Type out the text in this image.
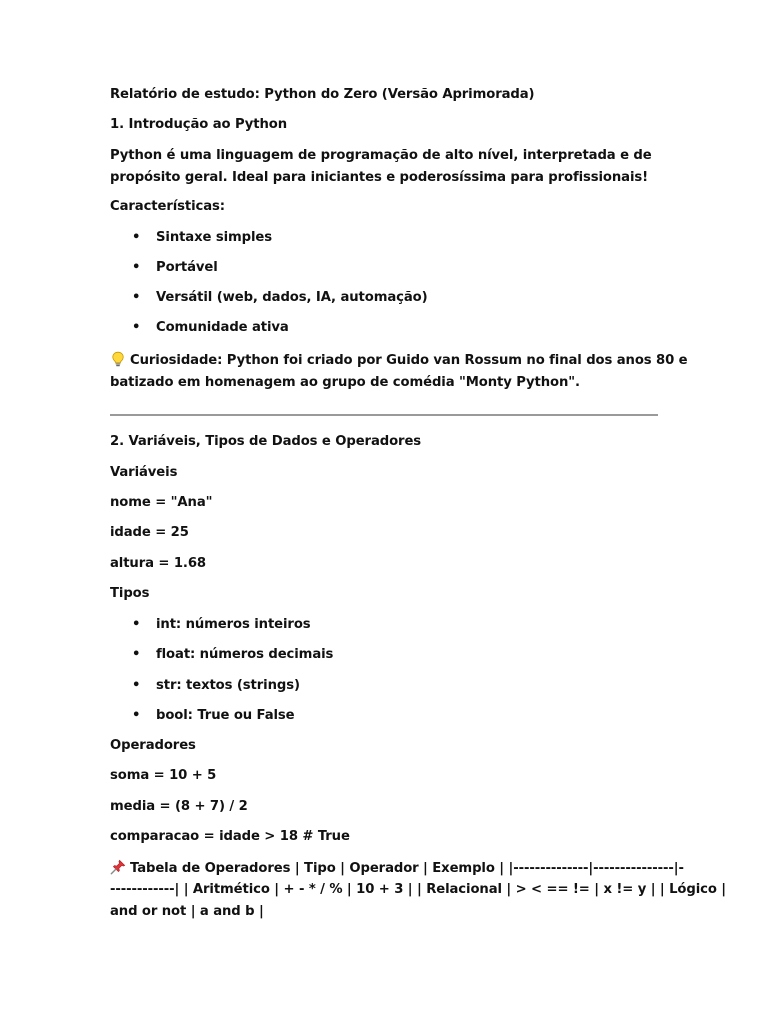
Relatório de estudo: Python do Zero (Versão Aprimorada)
1. Introdução ao Python
Python é uma linguagem de programação de alto nível, interpretada e de
propósito geral. Ideal para iniciantes e poderosíssima para profissionais!
Características:
• Sintaxe simples
• Portável
• Versátil (web, dados, IA, automação)
• Comunidade ativa
Curiosidade: Python foi criado por Guido van Rossum no final dos anos 80 e
batizado em homenagem ao grupo de comédia "Monty Python".
2. Variáveis, Tipos de Dados e Operadores
Variáveis
nome = "Ana"
idade = 25
altura = 1.68
Tipos
• int: números inteiros
• float: números decimais
• str: textos (strings)
• bool: True ou False
Operadores
soma = 10 + 5
media = (8 + 7) / 2
comparacao = idade > 18 # True
Tabela de Operadores | Tipo | Operador | Exemplo | |--------------|---------------|-
------------| | Aritmético | + - * / % | 10 + 3 | | Relacional | > < == != | x != y | | Lógico |
and or not | a and b |
